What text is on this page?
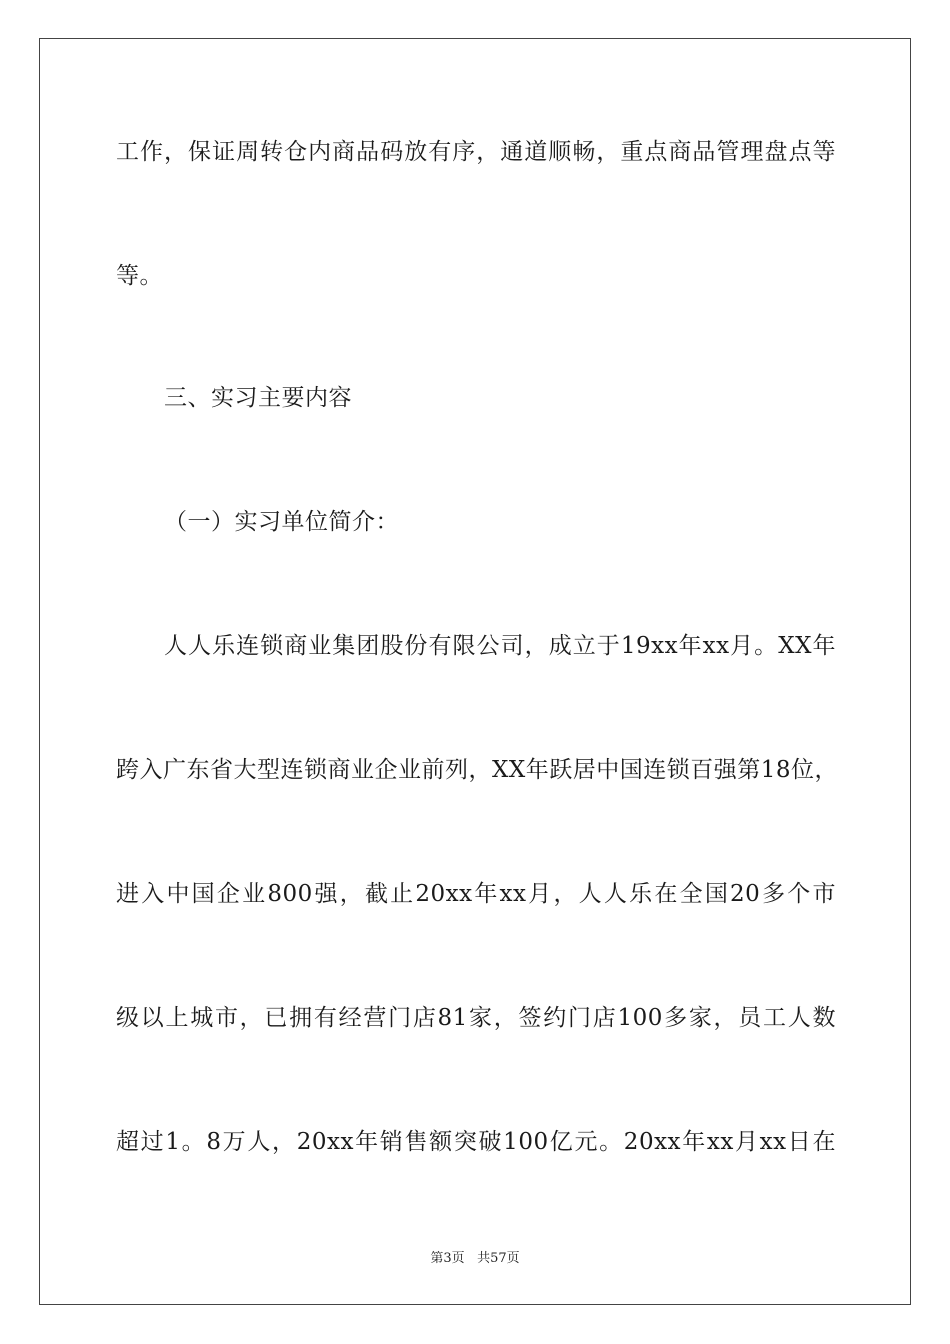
工作，保证周转仓内商品码放有序，通道顺畅，重点商品管理盘点等
等。
三、实习主要内容
（一）实习单位简介：
人人乐连锁商业集团股份有限公司，成立于19xx年xx月。XX年
跨入广东省大型连锁商业企业前列，XX年跃居中国连锁百强第18位，
进入中国企业800强，截止20xx年xx月，人人乐在全国20多个市
级以上城市，已拥有经营门店81家，签约门店100多家，员工人数
超过1。8万人，20xx年销售额突破100亿元。20xx年xx月xx日在
第3页 共57页
